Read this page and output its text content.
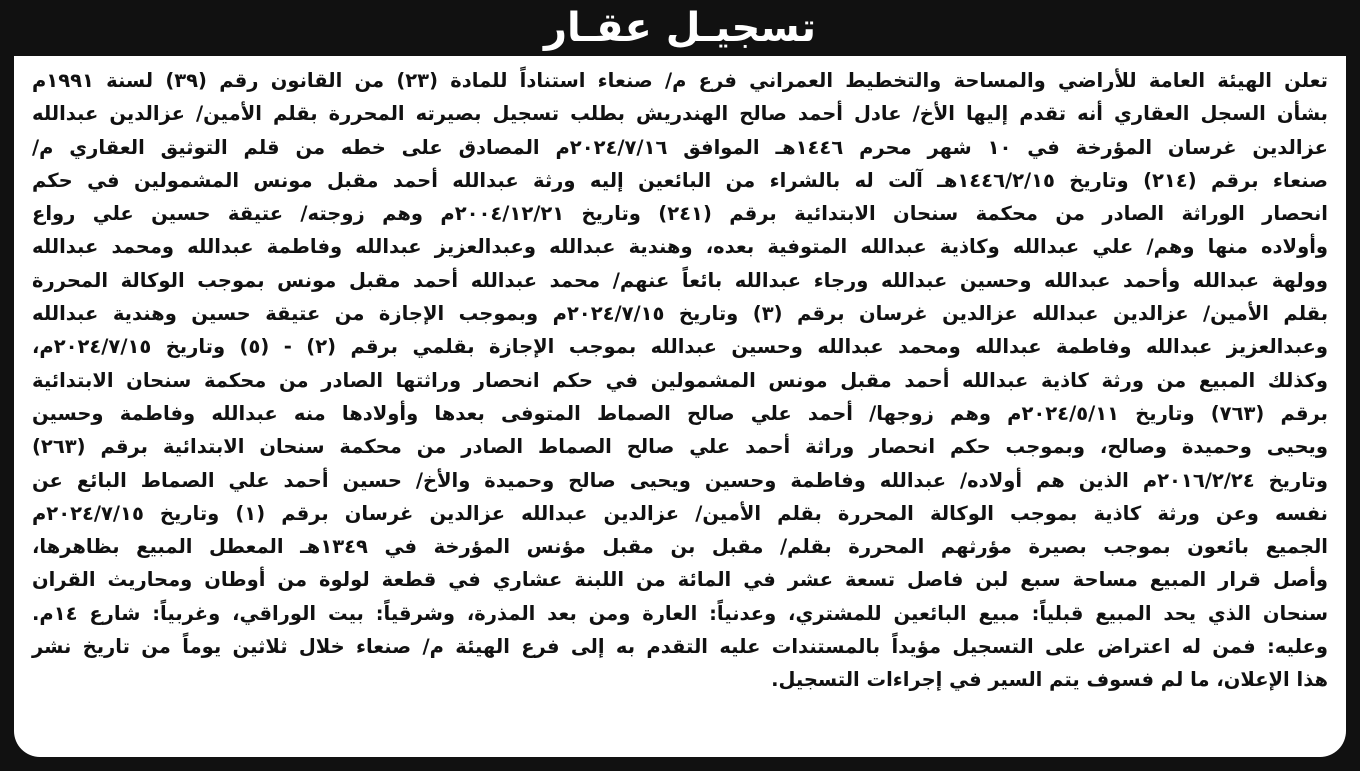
تسجيـل عقـار

تعلن الهيئة العامة للأراضي والمساحة والتخطيط العمراني فرع م/ صنعاء استناداً للمادة (٢٣) من القانون رقم (٣٩) لسنة ١٩٩١م
بشأن السجل العقاري أنه تقدم إليها الأخ/ عادل أحمد صالح الهندريش بطلب تسجيل بصيرته المحررة بقلم الأمين/ عزالدين عبدالله
عزالدين غرسان المؤرخة في ١٠ شهر محرم ١٤٤٦هـ الموافق ٢٠٢٤/٧/١٦م المصادق على خطه من قلم التوثيق العقاري م/
صنعاء برقم (٢١٤) وتاريخ ١٤٤٦/٢/١٥هـ آلت له بالشراء من البائعين إليه ورثة عبدالله أحمد مقبل مونس المشمولين في حكم
انحصار الوراثة الصادر من محكمة سنحان الابتدائية برقم (٢٤١) وتاريخ ٢٠٠٤/١٢/٢١م وهم زوجته/ عتيقة حسين علي رواع
وأولاده منها وهم/ علي عبدالله وكاذية عبدالله المتوفية بعده، وهندية عبدالله وعبدالعزيز عبدالله وفاطمة عبدالله ومحمد عبدالله
وولهة عبدالله وأحمد عبدالله وحسين عبدالله ورجاء عبدالله بائعاً عنهم/ محمد عبدالله أحمد مقبل مونس بموجب الوكالة المحررة
بقلم الأمين/ عزالدين عبدالله عزالدين غرسان برقم (٣) وتاريخ ٢٠٢٤/٧/١٥م وبموجب الإجازة من عتيقة حسين وهندية عبدالله
وعبدالعزيز عبدالله وفاطمة عبدالله ومحمد عبدالله وحسين عبدالله بموجب الإجازة بقلمي برقم (٢) - (٥) وتاريخ ٢٠٢٤/٧/١٥م،
وكذلك المبيع من ورثة كاذية عبدالله أحمد مقبل مونس المشمولين في حكم انحصار وراثتها الصادر من محكمة سنحان الابتدائية
برقم (٧٦٣) وتاريخ ٢٠٢٤/٥/١١م وهم زوجها/ أحمد علي صالح الصماط المتوفى بعدها وأولادها منه عبدالله وفاطمة وحسين
ويحيى وحميدة وصالح، وبموجب حكم انحصار وراثة أحمد علي صالح الصماط الصادر من محكمة سنحان الابتدائية برقم (٢٦٣)
وتاريخ ٢٠١٦/٢/٢٤م الذين هم أولاده/ عبدالله وفاطمة وحسين ويحيى صالح وحميدة والأخ/ حسين أحمد علي الصماط البائع عن
نفسه وعن ورثة كاذية بموجب الوكالة المحررة بقلم الأمين/ عزالدين عبدالله عزالدين غرسان برقم (١) وتاريخ ٢٠٢٤/٧/١٥م
الجميع بائعون بموجب بصيرة مؤرثهم المحررة بقلم/ مقبل بن مقبل مؤنس المؤرخة في ١٣٤٩هـ المعطل المبيع بظاهرها،
وأصل قرار المبيع مساحة سبع لبن فاصل تسعة عشر في المائة من اللبنة عشاري في قطعة لولوة من أوطان ومحاريث القران
سنحان الذي يحد المبيع قبلياً: مبيع البائعين للمشتري، وعدنياً: العارة ومن بعد المذرة، وشرقياً: بيت الوراقي، وغربياً: شارع ١٤م.
وعليه: فمن له اعتراض على التسجيل مؤيداً بالمستندات عليه التقدم به إلى فرع الهيئة م/ صنعاء خلال ثلاثين يوماً من تاريخ نشر
هذا الإعلان، ما لم فسوف يتم السير في إجراءات التسجيل.
